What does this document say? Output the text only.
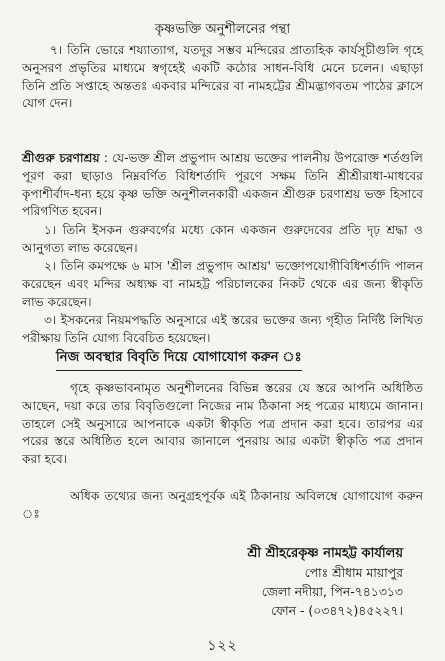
কৃষ্ণভক্তি অনুশীলনের পন্থা
৭। তিনি ভোরে শয্যাত্যাগ, যতদূর সম্ভব মন্দিরের প্রাত্যহিক কার্যসূচীগুলি গৃহে অনুসরণ প্রভৃতির মাধ্যমে স্বগৃহেই একটি কঠোর সাধন-বিধি মেনে চলেন। এছাড়া তিনি প্রতি সপ্তাহে অন্ততঃ একবার মন্দিরের বা নামহট্টের শ্রীমদ্ভাগবতম পাঠের ক্লাসে যোগ দেন।
শ্রীগুরু চরণাশ্রয় : যে-ভক্ত শ্রীল প্রভুপাদ আশ্রয় ভক্তের পালনীয় উপরোক্ত শর্তগুলি পূরণ করা ছাড়াও নিম্নবর্ণিত বিধিশর্তাদি পূরণে সক্ষম তিনি শ্রীশ্রীরাধা-মাধবের কৃপাশীর্বাদ-ধন্য হয়ে কৃষ্ণ ভক্তি অনুশীলনকারী একজন শ্রীগুরু চরণাশ্রয় ভক্ত হিসাবে পরিগণিত হবেন।
১। তিনি ইসকন গুরুবর্গের মধ্যে কোন একজন গুরুদেবের প্রতি দৃঢ় শ্রদ্ধা ও আনুগত্য লাভ করেছেন।
২। তিনি কমপক্ষে ৬ মাস 'শ্রীল প্রভুপাদ আশ্রয়' ভক্তোপযোগীবিধিশর্তাদি পালন করেছেন এবং মন্দির অধ্যক্ষ বা নামহট্ট পরিচালকের নিকট থেকে এর জন্য স্বীকৃতি লাভ করেছেন।
৩। ইসকনের নিয়মপদ্ধতি অনুসারে এই স্তরের ভক্তের জন্য গৃহীত নির্দিষ্ট লিখিত পরীক্ষায় তিনি যোগ্য বিবেচিত হয়েছেন।
নিজ অবস্থার বিবৃতি দিয়ে যোগাযোগ করুন ঃ
গৃহে কৃষ্ণভাবনামৃত অনুশীলনের বিভিন্ন স্তরের যে স্তরে আপনি অধিষ্ঠিত আছেন, দয়া করে তার বিবৃতিগুলো নিজের নাম ঠিকানা সহ পত্রের মাধ্যমে জানান। তাহলে সেই অনুসারে আপনাকে একটা স্বীকৃতি পত্র প্রদান করা হবে। তারপর এর পরের স্তরে অধিষ্ঠিত হলে আবার জানালে পুনরায় আর একটা স্বীকৃতি পত্র প্রদান করা হবে।
অধিক তথ্যের জন্য অনুগ্রহপূর্বক এই ঠিকানায় অবিলম্বে যোগাযোগ করুন ঃ
শ্রী শ্রীহরেকৃষ্ণ নামহট্ট কার্যালয়
পোঃ শ্রীধাম মায়াপুর
জেলা নদীয়া, পিন-৭৪১৩১৩
ফোন - (০৩৪৭২)৪৫২২৭।
১২২
